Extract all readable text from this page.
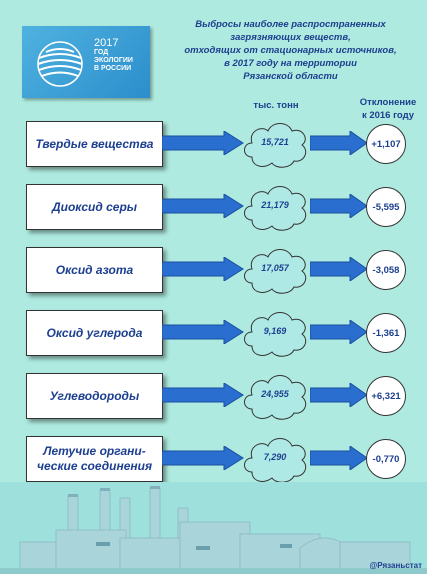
2017
ГОД ЭКОЛОГИИ
В РОССИИ
Выбросы наиболее распространенных
загрязняющих веществ,
отходящих от стационарных источников,
в 2017 году на территории
Рязанской области
тыс. тонн	Отклонение
к 2016 году
Твердые вещества	15,721	+1,107
Диоксид серы	21,179	-5,595
Оксид азота	17,057	-3,058
Оксид углерода	9,169	-1,361
Углеводороды	24,955	+6,321
Летучие органи-
ческие соединения
7,290	-0,770
@Рязаньстат
